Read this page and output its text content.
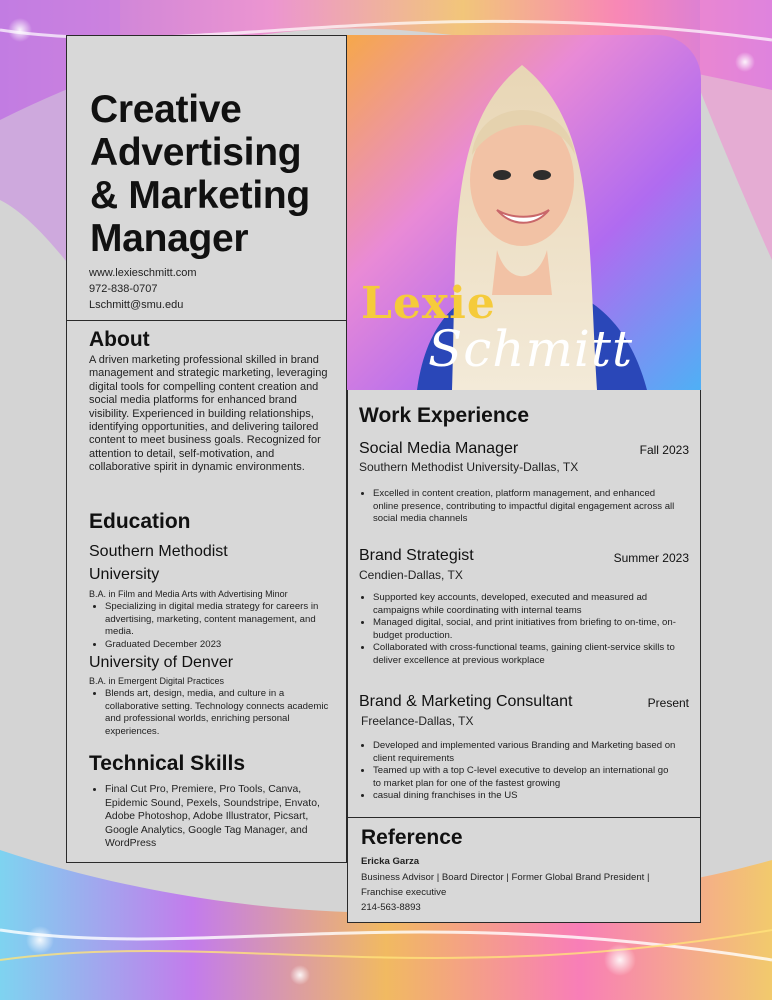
Lexie
Schmitt
Creative
Advertising
& Marketing
Manager
www.lexieschmitt.com
972-838-0707
Lschmitt@smu.edu
About
A driven marketing professional skilled in brand management and strategic marketing, leveraging digital tools for compelling content creation and social media platforms for enhanced brand visibility. Experienced in building relationships, identifying opportunities, and delivering tailored content to meet business goals. Recognized for attention to detail, self-motivation, and collaborative spirit in dynamic environments.
Education
Southern Methodist University
B.A. in Film and Media Arts with Advertising Minor
• Specializing in digital media strategy for careers in advertising, marketing, content management, and media.
• Graduated December 2023
University of Denver
B.A. in Emergent Digital Practices
• Blends art, design, media, and culture in a collaborative setting. Technology connects academic and professional worlds, enriching personal experiences.
Technical Skills
• Final Cut Pro, Premiere, Pro Tools, Canva, Epidemic Sound, Pexels, Soundstripe, Envato, Adobe Photoshop, Adobe Illustrator, Picsart, Google Analytics, Google Tag Manager, and WordPress
Work Experience
Social Media Manager	Fall 2023
Southern Methodist University-Dallas, TX
• Excelled in content creation, platform management, and enhanced online presence, contributing to impactful digital engagement across all social media channels
Brand Strategist	Summer 2023
Cendien-Dallas, TX
• Supported key accounts, developed, executed and measured ad campaigns while coordinating with internal teams
• Managed digital, social, and print initiatives from briefing to on-time, on-budget production.
• Collaborated with cross-functional teams, gaining client-service skills to deliver excellence at previous workplace
Brand & Marketing Consultant	Present
Freelance-Dallas, TX
• Developed and implemented various Branding and Marketing based on client requirements
• Teamed up with a top C-level executive to develop an international go to market plan for one of the fastest growing
• casual dining franchises in the US
Reference
Ericka Garza
Business Advisor | Board Director | Former Global Brand President |
Franchise executive
214-563-8893
